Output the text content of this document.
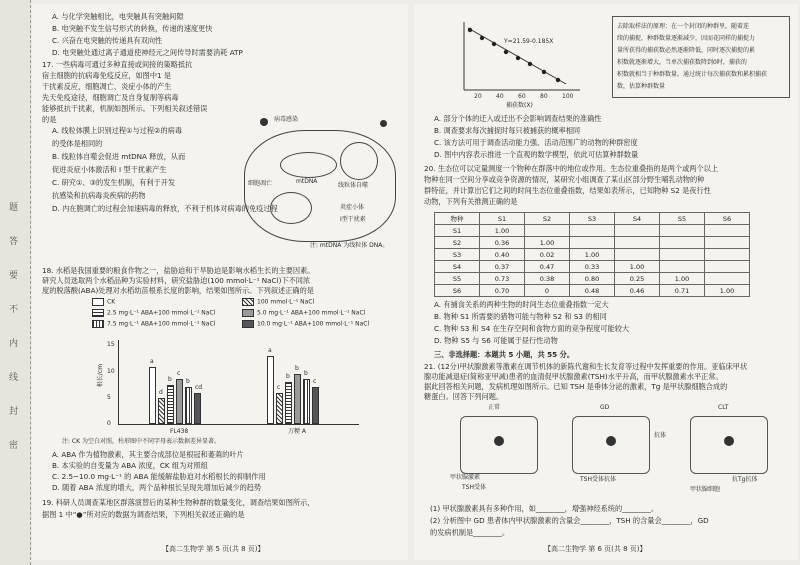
题
答
要
不
内
线
封
密
A. 与化学突触相比，电突触具有突触间隙
B. 电突触不发生信号形式的转换，传递的速度更快
C. 兴奋在电突触的传递具有双向性
D. 电突触处通过离子通道使神经元之间传导时需要消耗 ATP
17. 一些病毒可通过多种直接或间接的策略抵抗
宿主细胞的抗病毒免疫反应，如图中1 是
干扰素反应，细胞凋亡、炎症小体的产生
先天免疫途径，细胞调亡及自身复制等病毒
能够抵抗干扰素，机制如图所示。下列相关叙述错误
的是	病毒感染
线粒体自噬
炎症小体
I型干扰素
细胞凋亡	mtDNA
注: mtDNA 为线粒体 DNA。
A. 线粒体膜上识别过程①与过程②的病毒
的受体是相同的
B. 线粒体自噬会促进 mtDNA 释放，从而
促进炎症小体激活和 I 型干扰素产生
C. 研究①、③的发生机制，有利于开发
抗感染和抗病毒炎疾病的药物
D. 内在胞调亡的过程会加速病毒的释放，不利于机体对病毒的免疫过程
18. 水稻是我国重要的粮食作物之一，盐胁迫和干旱胁迫是影响水稻生长的主要因素。
研究人员选取两个水稻品种为实验材料，研究盐胁迫(100 mmol·L⁻¹ NaCl)下不同浓
度的脱落酸(ABA)处理对水稻幼苗根系长度的影响，结果如图所示。下列叙述正确的是
CK	100 mmol·L⁻¹ NaCl
2.5 mg·L⁻¹ ABA+100 mmol·L⁻¹ NaCl	5.0 mg·L⁻¹ ABA+100 mmol·L⁻¹ NaCl
7.5 mg·L⁻¹ ABA+100 mmol·L⁻¹ NaCl	10.0 mg·L⁻¹ ABA+100 mmol·L⁻¹ NaCl
根长/cm
a
d
b
c
b
cd
a
c
b
b
b
c
0
5
10
15
FL438	万粳 A
注: CK 为空白对照，柱形图中不同字母表示数据差异显著。
A. ABA 作为植物激素，其主要合成部位是根冠和萎蔫的叶片
B. 本实验的自变量为 ABA 浓度，CK 组为对照组
C. 2.5~10.0 mg·L⁻¹ 的 ABA 能缓解盐胁迫对水稻根长的抑制作用
D. 随着 ABA 浓度的增大，两个品种根长呈现先增加后减少的趋势
19. 科研人员调查某地区群落演替后的某种生物种群的数量变化，调查结果如图所示，
据图 1 中“●”所对应的数据为调查结果，下列相关叙述正确的是
【高二生物学 第 5 页(共 8 页)】
20 40 60 80 100
Y=21.59-0.185X
捕获数(X)
去除取样法的原理：在一个封闭的种群里，随着连
续的捕捉，种群数量逐渐减少，因而花同样的捕捉力
量所获得的捕获数必然逐渐降低，同时逐次捕捉的累
积数就逐渐增大，当单次捕获数降到0时，捕获的
积数就相当于种群数量。通过统计每次捕获数和累积捕获
数，估算种群数量
A. 部分个体的迁入或迁出不会影响调查结果的准确性
B. 调查要求每次捕捉时每只被捕获的概率相同
C. 该方法可用于调查活动能力强、活动范围广的动物的种群密度
D. 图中内容表示推进一个直观的数学模型，依此可估算种群数量
20. 生态位可以定量测度一个物种在群落中的地位或作用。生态位重叠指的是两个或两个以上
物种在同一空间分享或竞争资源的情况，某研究小组调查了某山区部分野生哺乳动物的种
群特征，并计算出它们之间的时间生态位重叠指数，结果如表所示，已知物种 S2 是夜行性
动物，下列有关推测正确的是
物种	S1	S2	S3	S4	S5	S6
S1	1.00					
S2	0.36	1.00				
S3	0.40	0.02	1.00			
S4	0.37	0.47	0.33	1.00		
S5	0.73	0.38	0.80	0.25	1.00	
S6	0.70	0	0.48	0.46	0.71	1.00
A. 有捕食关系的两种生物的时间生态位重叠指数一定大
B. 物种 S1 所需要的猎物可能与物种 S2 和 S3 的相同
C. 物种 S3 和 S4 在生存空间和食物方面的竞争程度可能较大
D. 物种 S5 与 S6 可能属于昼行性动物
三、非选择题：本题共 5 小题，共 55 分。
21. (12分)甲状腺激素等激素在调节机体的新陈代谢和生长发育等过程中发挥重要的作用。亚临床甲状
腺功能减退症(简称亚甲减)患者的血清促甲状腺激素(TSH)水平升高，而甲状腺激素水平正常。
据此回答相关问题，发病机理如图所示。已知 TSH 是垂体分泌的激素，Tg 是甲状腺细胞合成的
糖蛋白。回答下列问题。
正常	GD	CLT
甲状腺激素
TSH受体
抗体
TSH受体抗体	抗Tg抗体
甲状腺细胞
(1) 甲状腺激素具有多种作用，如________，增强神经系统的________。
(2) 分析图中 GD 患者体内甲状腺激素的含量会________，TSH 的含量会________，GD
的发病机制是________。
【高二生物学 第 6 页(共 8 页)】
